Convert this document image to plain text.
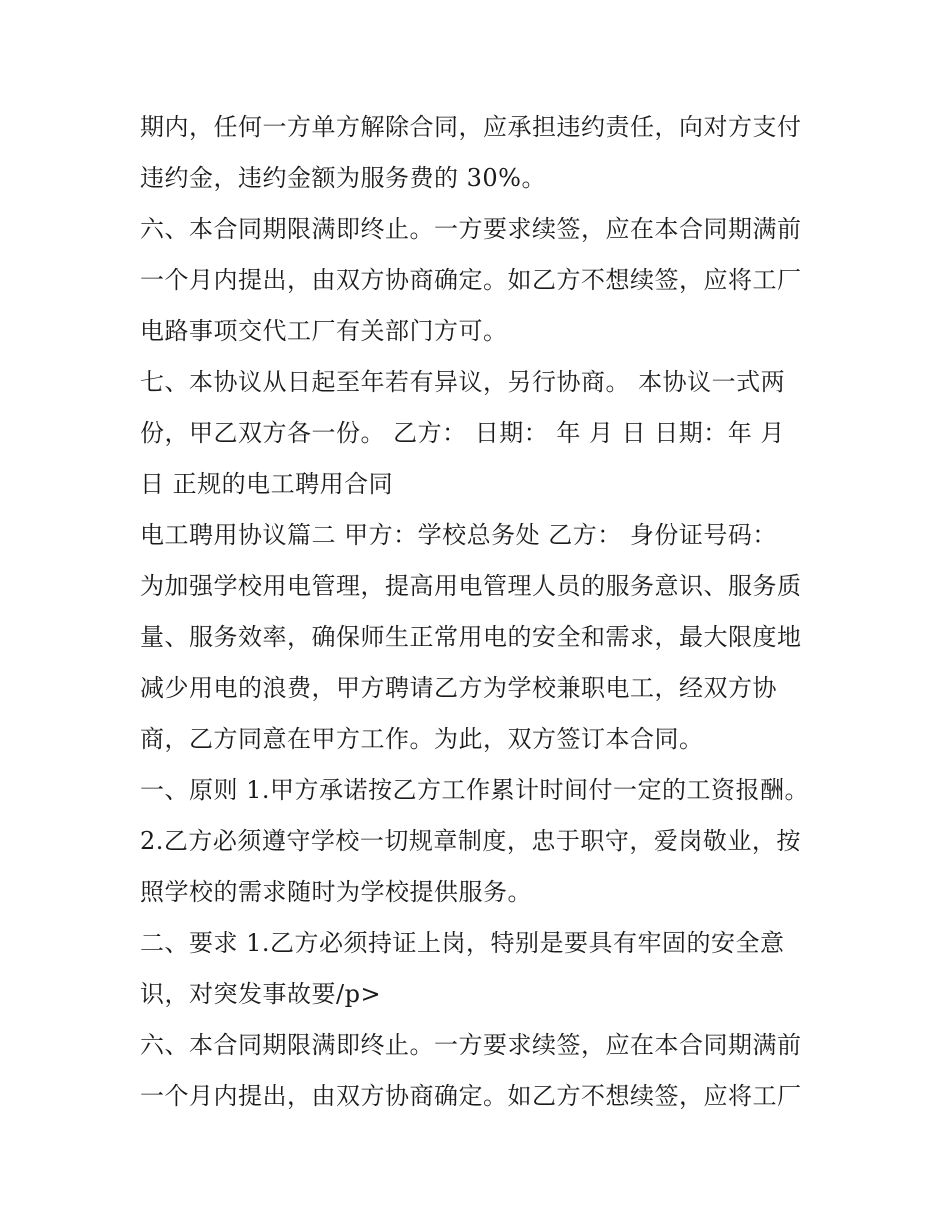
期内，任何一方单方解除合同，应承担违约责任，向对方支付

违约金，违约金额为服务费的 30%。

六、本合同期限满即终止。一方要求续签，应在本合同期满前

一个月内提出，由双方协商确定。如乙方不想续签，应将工厂

电路事项交代工厂有关部门方可。

七、本协议从日起至年若有异议，另行协商。 本协议一式两

份，甲乙双方各一份。 乙方： 日期： 年 月 日 日期：年 月

日 正规的电工聘用合同

电工聘用协议篇二 甲方：学校总务处 乙方： 身份证号码：

为加强学校用电管理，提高用电管理人员的服务意识、服务质

量、服务效率，确保师生正常用电的安全和需求，最大限度地

减少用电的浪费，甲方聘请乙方为学校兼职电工，经双方协

商，乙方同意在甲方工作。为此，双方签订本合同。

一、原则 1.甲方承诺按乙方工作累计时间付一定的工资报酬。

2.乙方必须遵守学校一切规章制度，忠于职守，爱岗敬业，按

照学校的需求随时为学校提供服务。

二、要求 1.乙方必须持证上岗，特别是要具有牢固的安全意

识，对突发事故要/p>

六、本合同期限满即终止。一方要求续签，应在本合同期满前

一个月内提出，由双方协商确定。如乙方不想续签，应将工厂
